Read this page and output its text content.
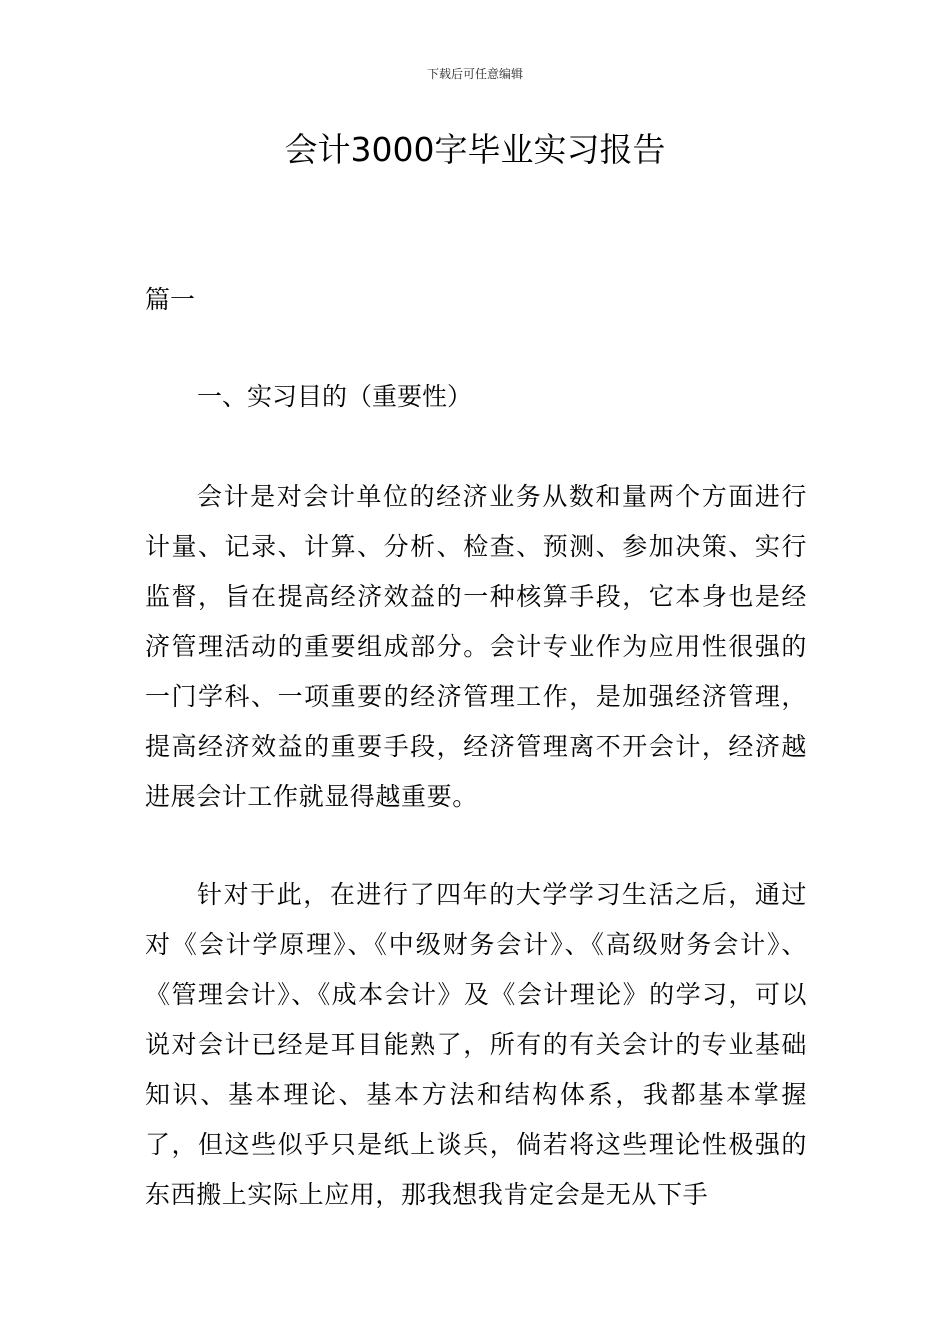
下载后可任意编辑
会计3000字毕业实习报告
篇一
一、实习目的（重要性）

会计是对会计单位的经济业务从数和量两个方面进行计量、记录、计算、分析、检查、预测、参加决策、实行监督，旨在提高经济效益的一种核算手段，它本身也是经济管理活动的重要组成部分。会计专业作为应用性很强的一门学科、一项重要的经济管理工作，是加强经济管理，提高经济效益的重要手段，经济管理离不开会计，经济越进展会计工作就显得越重要。

针对于此，在进行了四年的大学学习生活之后，通过对《会计学原理》、《中级财务会计》、《高级财务会计》、《管理会计》、《成本会计》及《会计理论》的学习，可以说对会计已经是耳目能熟了，所有的有关会计的专业基础知识、基本理论、基本方法和结构体系，我都基本掌握了，但这些似乎只是纸上谈兵，倘若将这些理论性极强的东西搬上实际上应用，那我想我肯定会是无从下手
